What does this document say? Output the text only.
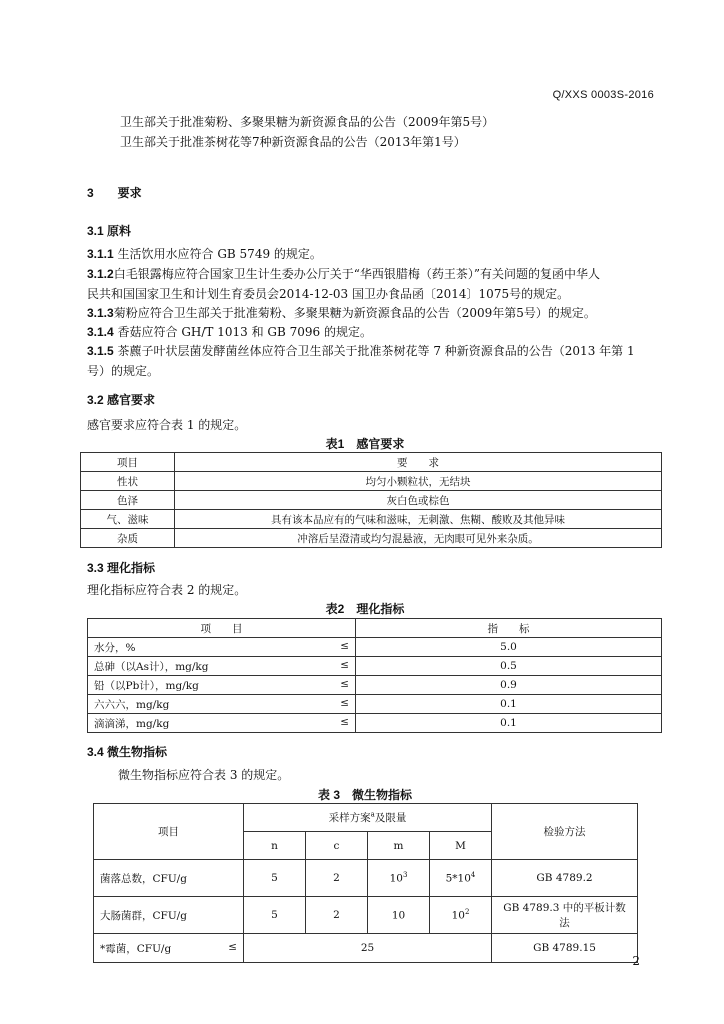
Q/XXS 0003S-2016
卫生部关于批准菊粉、多聚果糖为新资源食品的公告（2009年第5号）
卫生部关于批准茶树花等7种新资源食品的公告（2013年第1号）
3　　要求
3.1 原料
3.1.1 生活饮用水应符合 GB 5749 的规定。
3.1.2白毛银露梅应符合国家卫生计生委办公厅关于“华西银腊梅（药王茶）”有关问题的复函中华人
民共和国国家卫生和计划生育委员会2014-12-03 国卫办食品函〔2014〕1075号的规定。
3.1.3菊粉应符合卫生部关于批准菊粉、多聚果糖为新资源食品的公告（2009年第5号）的规定。
3.1.4 香菇应符合 GH/T 1013 和 GB 7096 的规定。
3.1.5 茶藨子叶状层菌发酵菌丝体应符合卫生部关于批准茶树花等 7 种新资源食品的公告（2013 年第 1
号）的规定。
3.2 感官要求
感官要求应符合表 1 的规定。
表1　感官要求
项目	要　　求
性状	均匀小颗粒状，无结块
色泽	灰白色或棕色
气、滋味	具有该本品应有的气味和滋味，无刺激、焦糊、酸败及其他异味
杂质	冲溶后呈澄清或均匀混悬液，无肉眼可见外来杂质。
3.3 理化指标
理化指标应符合表 2 的规定。
表2　理化指标
项　　目	指　　标
水分，% ≤	5.0
总砷（以As计），mg/kg ≤	0.5
铅（以Pb计），mg/kg ≤	0.9
六六六，mg/kg ≤	0.1
滴滴涕，mg/kg ≤	0.1
3.4 微生物指标
微生物指标应符合表 3 的规定。
表 3　微生物指标
项目	采样方案$^a$及限量				检验方法
	n	c	m	M	
菌落总数，CFU/g	5	2	$10^3$	$5*10^4$	GB 4789.2
大肠菌群，CFU/g	5	2	10	$10^2$	GB 4789.3 中的平板计数法
*霉菌，CFU/g ≤	25				GB 4789.15
2
